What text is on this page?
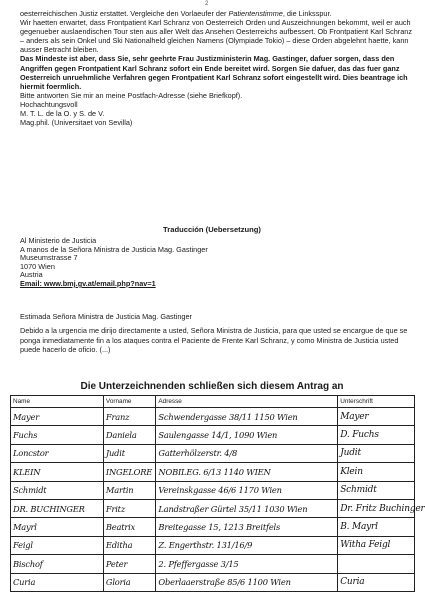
2

oesterreichischen Justiz erstattet. Vergleiche den Vorlaeufer der Patientenstimme, die Linksspur.

Wir haetten erwartet, dass Frontpatient Karl Schranz von Oesterreich Orden und Auszeichnungen bekommt, weil er auch gegenueber auslaendischen Tour sten aus aller Welt das Ansehen Oesterreichs aufbessert. Ob Frontpatient Karl Schranz – anders als sein Onkel und Ski Nationalheld gleichen Namens (Olympiade Tokio) – diese Orden abgelehnt haette, kann ausser Betracht bleiben.

Das Mindeste ist aber, dass Sie, sehr geehrte Frau Justizministerin Mag. Gastinger, dafuer sorgen, dass den Angriffen gegen Frontpatient Karl Schranz sofort ein Ende bereitet wird. Sorgen Sie dafuer, das das fuer ganz Oesterreich unruehmliche Verfahren gegen Frontpatient Karl Schranz sofort eingestellt wird. Dies beantrage ich hiermit foermlich.

Bitte antworten Sie mir an meine Postfach-Adresse (siehe Briefkopf).

Hochachtungsvoll

M. T. L. de la O. y S. de V.

Mag.phil. (Universitaet von Sevilla)

Traducción (Uebersetzung)
Al Ministerio de Justicia
A manos de la Señora Ministra de Justicia Mag. Gastinger
Museumstrasse 7
1070 Wien
Austria
Email: www.bmj.gv.at/email.php?nav=1

Estimada Señora Ministra de Justicia Mag. Gastinger

Debido a la urgencia me dirijo directamente a usted, Señora Ministra de Justicia, para que usted se encargue de que se ponga inmediatamente fin a los ataques contra el Paciente de Frente Karl Schranz, y como Ministra de Justicia usted puede hacerlo de oficio. (...)

Die Unterzeichnenden schließen sich diesem Antrag an
Name	Vorname	Adresse	Unterschrift
Mayer	Franz	Schwendergasse 38/11 1150 Wien	Mayer
Fuchs	Daniela	Saulengasse 14/1, 1090 Wien	D. Fuchs
Loncstor	Judit	Gatterhölzerstr. 4/8	Judit
KLEIN	INGELORE	NOBILEG. 6/13 1140 WIEN	Klein
Schmidt	Martin	Vereinskgasse 46/6 1170 Wien	Schmidt
DR. BUCHINGER	Fritz	Landstraßer Gürtel 35/11 1030 Wien	Dr. Fritz Buchinger
Mayrl	Beatrix	Breitegasse 15, 1213 Breitfels	B. Mayrl
Feigl	Editha	Z. Engerthstr. 131/16/9	Witha Feigl
Bischof	Peter	2. Pfeffergasse 3/15	
Curia	Gloria	Oberlaaerstraße 85/6 1100 Wien	Curia
